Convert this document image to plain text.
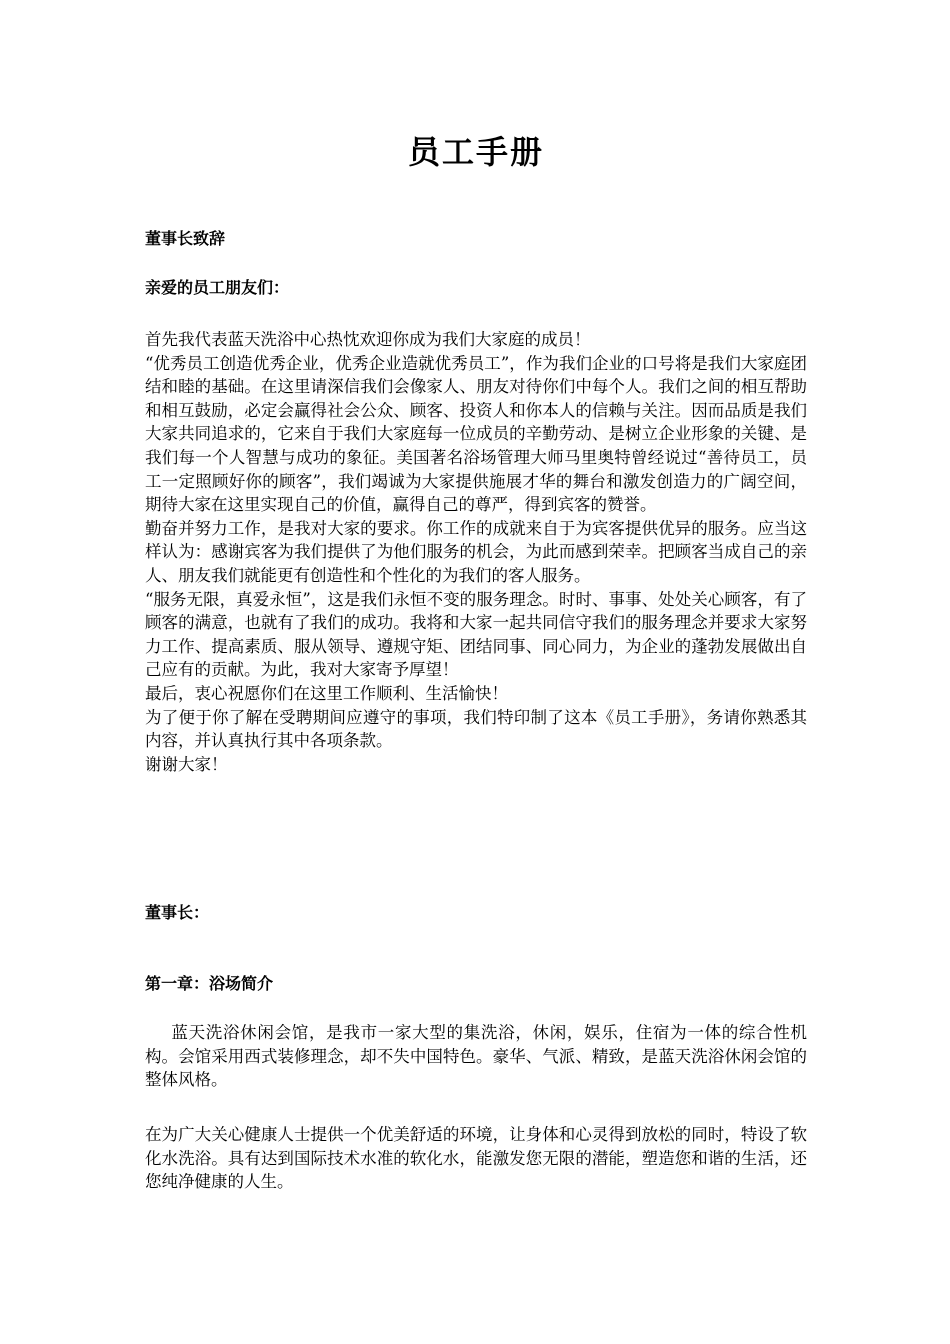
员工手册
董事长致辞
亲爱的员工朋友们：

首先我代表蓝天洗浴中心热忱欢迎你成为我们大家庭的成员！

“优秀员工创造优秀企业，优秀企业造就优秀员工”，作为我们企业的口号将是我们大家庭团结和睦的基础。在这里请深信我们会像家人、朋友对待你们中每个人。我们之间的相互帮助和相互鼓励，必定会赢得社会公众、顾客、投资人和你本人的信赖与关注。因而品质是我们大家共同追求的，它来自于我们大家庭每一位成员的辛勤劳动、是树立企业形象的关键、是我们每一个人智慧与成功的象征。美国著名浴场管理大师马里奥特曾经说过“善待员工，员工一定照顾好你的顾客”，我们竭诚为大家提供施展才华的舞台和激发创造力的广阔空间，期待大家在这里实现自己的价值，赢得自己的尊严，得到宾客的赞誉。

勤奋并努力工作，是我对大家的要求。你工作的成就来自于为宾客提供优异的服务。应当这样认为：感谢宾客为我们提供了为他们服务的机会，为此而感到荣幸。把顾客当成自己的亲人、朋友我们就能更有创造性和个性化的为我们的客人服务。

“服务无限，真爱永恒”，这是我们永恒不变的服务理念。时时、事事、处处关心顾客，有了顾客的满意，也就有了我们的成功。我将和大家一起共同信守我们的服务理念并要求大家努力工作、提高素质、服从领导、遵规守矩、团结同事、同心同力，为企业的蓬勃发展做出自己应有的贡献。为此，我对大家寄予厚望！

最后，衷心祝愿你们在这里工作顺利、生活愉快！

为了便于你了解在受聘期间应遵守的事项，我们特印制了这本《员工手册》，务请你熟悉其内容，并认真执行其中各项条款。

谢谢大家！

董事长：
第一章：浴场简介

蓝天洗浴休闲会馆，是我市一家大型的集洗浴，休闲，娱乐，住宿为一体的综合性机构。会馆采用西式装修理念，却不失中国特色。豪华、气派、精致，是蓝天洗浴休闲会馆的整体风格。

在为广大关心健康人士提供一个优美舒适的环境，让身体和心灵得到放松的同时，特设了软化水洗浴。具有达到国际技术水准的软化水，能激发您无限的潜能，塑造您和谐的生活，还您纯净健康的人生。
